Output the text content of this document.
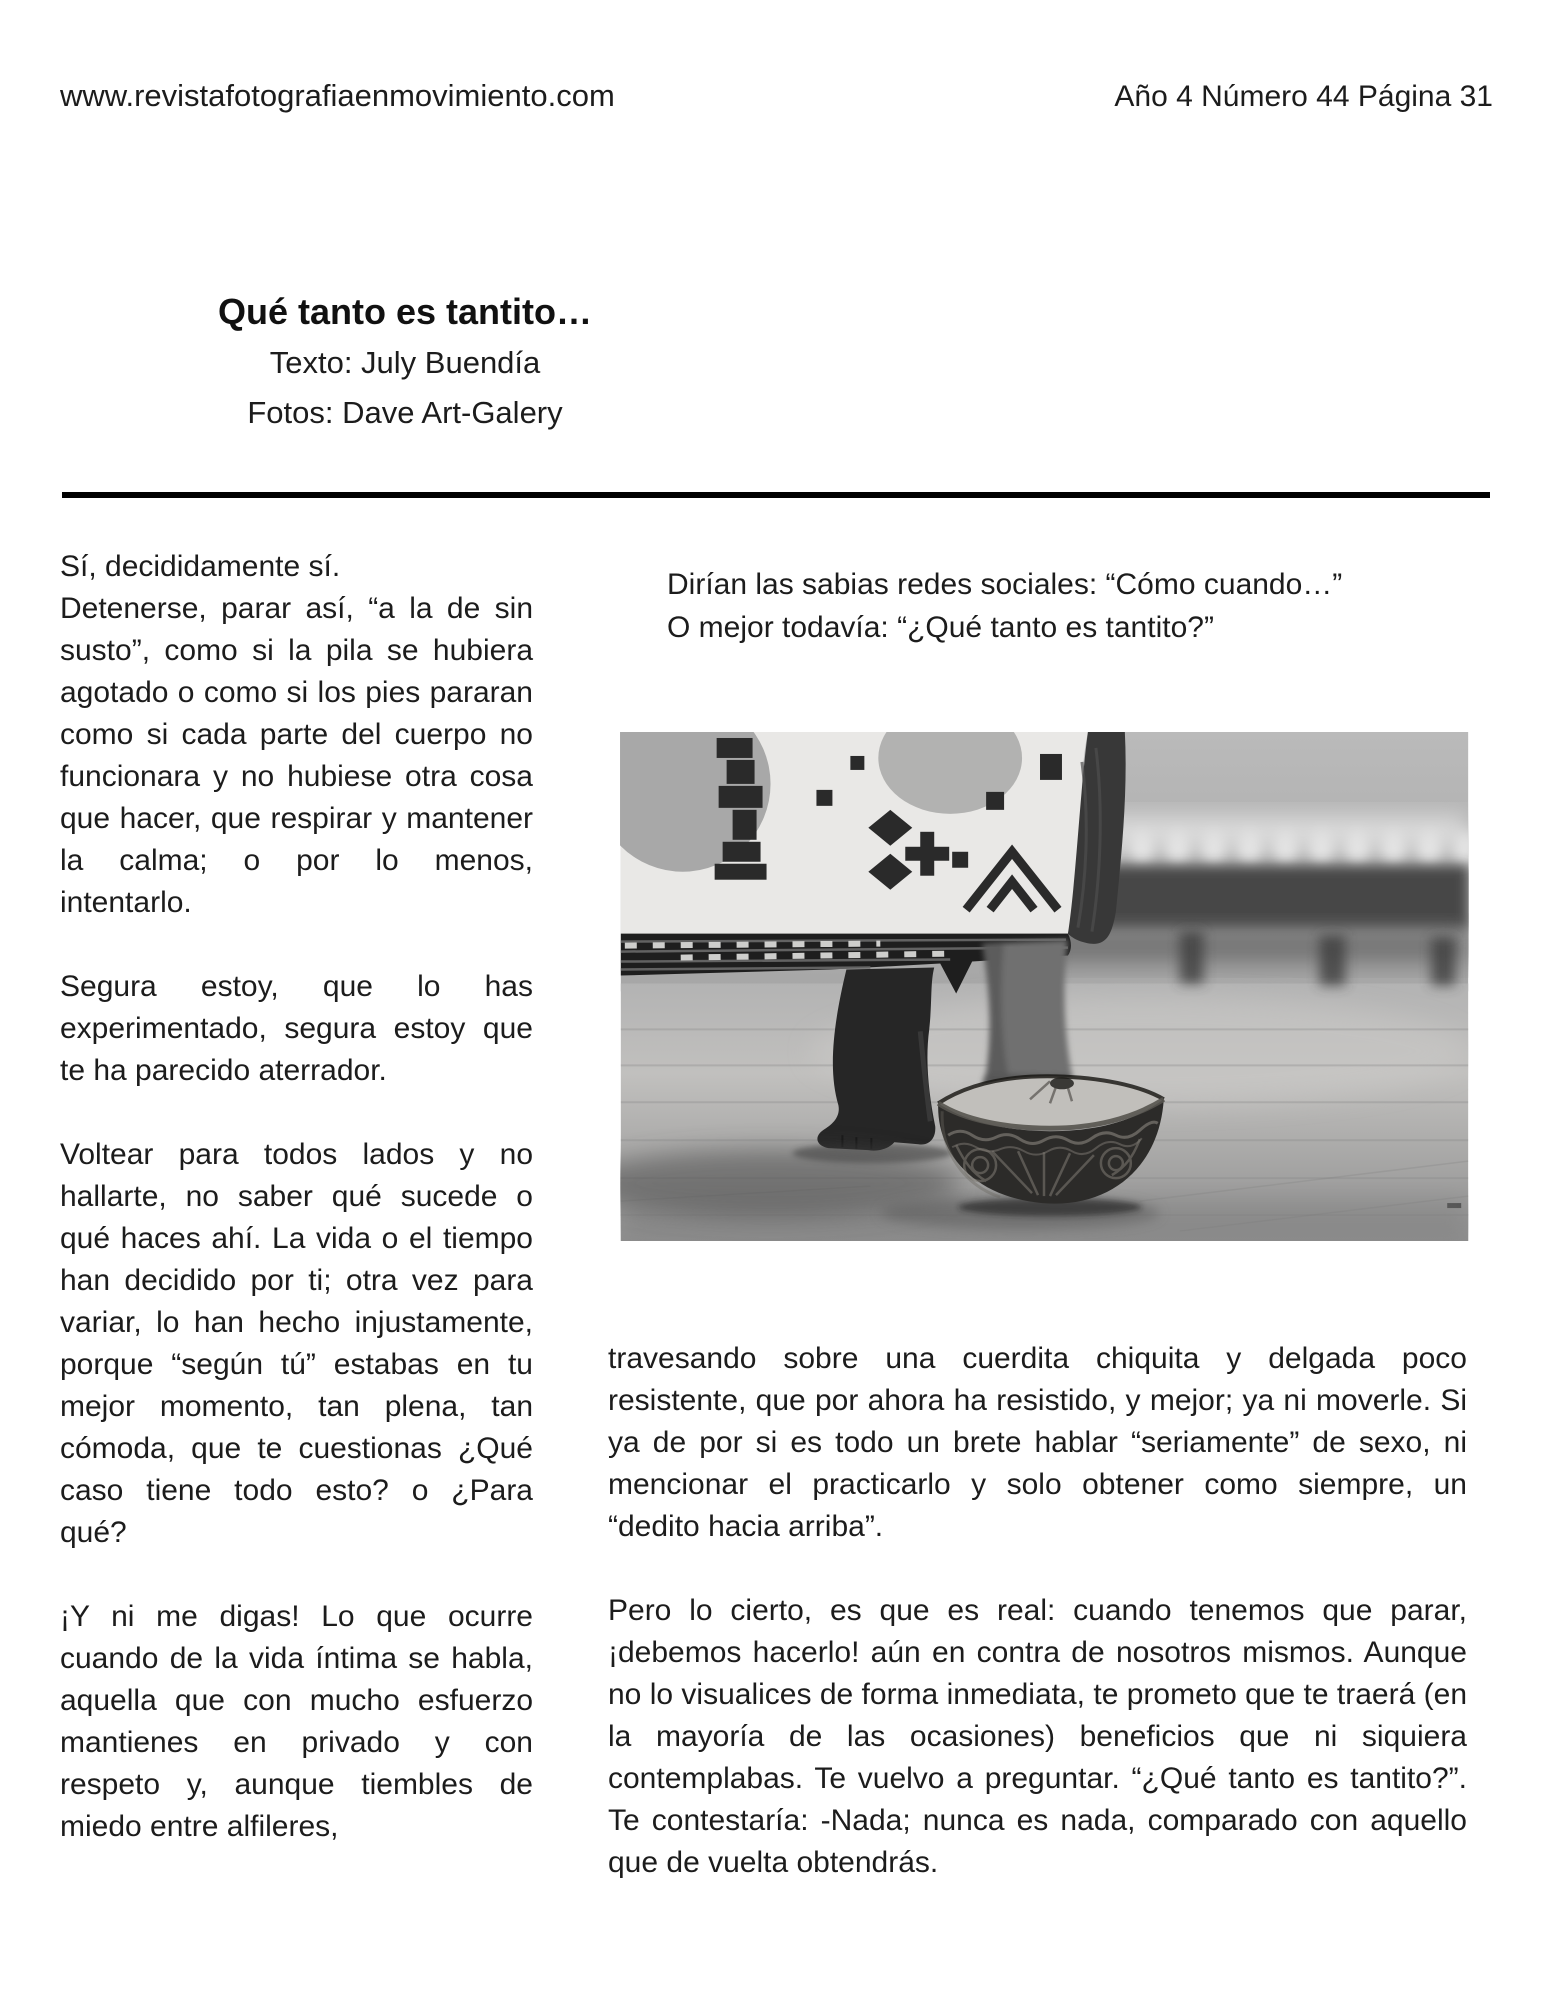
www.revistafotografiaenmovimiento.com	Año 4 Número 44 Página 31
Qué tanto es tantito…
Texto: July Buendía
Fotos: Dave Art-Galery

Sí, decididamente sí.

Detenerse, parar así, “a la de sin susto”, como si la pila se hubiera agotado o como si los pies pararan como si cada parte del cuerpo no funcionara y no hubiese otra cosa que hacer, que respirar y mantener la calma; o por lo menos, intentarlo.

Segura estoy, que lo has experimentado, segura estoy que te ha parecido aterrador.

Voltear para todos lados y no hallarte, no saber qué sucede o qué haces ahí. La vida o el tiempo han decidido por ti; otra vez para variar, lo han hecho injustamente, porque “según tú” estabas en tu mejor momento, tan plena, tan cómoda, que te cuestionas ¿Qué caso tiene todo esto? o ¿Para qué?

¡Y ni me digas! Lo que ocurre cuando de la vida íntima se habla, aquella que con mucho esfuerzo mantienes en privado y con respeto y, aunque tiembles de miedo entre alfileres,

Dirían las sabias redes sociales: “Cómo cuando…”

O mejor todavía: “¿Qué tanto es tantito?”

travesando sobre una cuerdita chiquita y delgada poco resistente, que por ahora ha resistido, y mejor; ya ni moverle. Si ya de por si es todo un brete hablar “seriamente” de sexo, ni mencionar el practicarlo y solo obtener como siempre, un “dedito hacia arriba”.

Pero lo cierto, es que es real: cuando tenemos que parar, ¡debemos hacerlo! aún en contra de nosotros mismos. Aunque no lo visualices de forma inmediata, te prometo que te traerá (en la mayoría de las ocasiones) beneficios que ni siquiera contemplabas. Te vuelvo a preguntar. “¿Qué tanto es tantito?”. Te contestaría: -Nada; nunca es nada, comparado con aquello que de vuelta obtendrás.
